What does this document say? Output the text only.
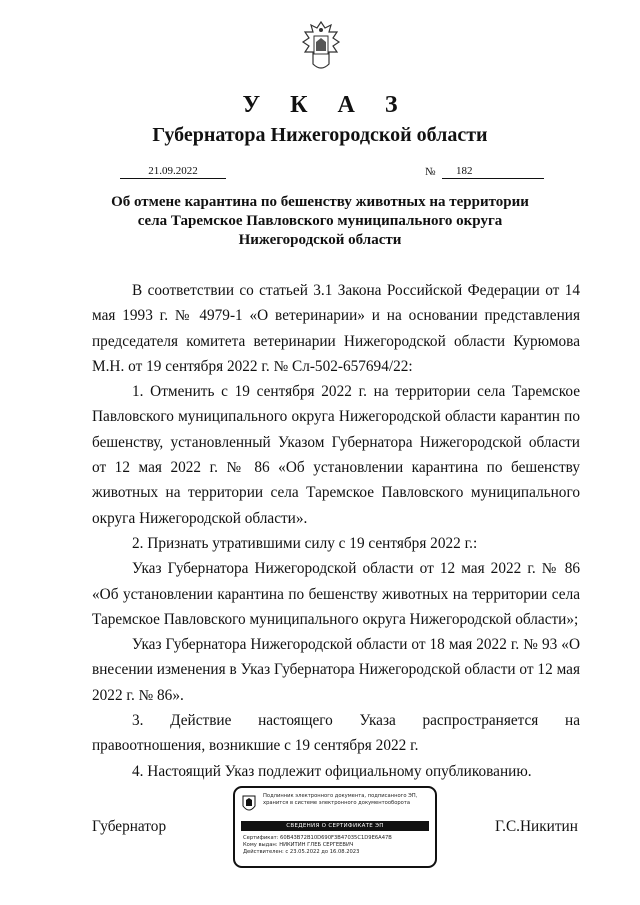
У К А З
Губернатора Нижегородской области
21.09.2022	№	182
Об отмене карантина по бешенству животных на территории
села Таремское Павловского муниципального округа
Нижегородской области

В соответствии со статьей 3.1 Закона Российской Федерации от 14 мая 1993 г. № 4979-1 «О ветеринарии» и на основании представления председателя комитета ветеринарии Нижегородской области Курюмова М.Н. от 19 сентября 2022 г. № Сл-502-657694/22:

1. Отменить с 19 сентября 2022 г. на территории села Таремское Павловского муниципального округа Нижегородской области карантин по бешенству, установленный Указом Губернатора Нижегородской области от 12 мая 2022 г. № 86 «Об установлении карантина по бешенству животных на территории села Таремское Павловского муниципального округа Нижегородской области».

2. Признать утратившими силу с 19 сентября 2022 г.:

Указ Губернатора Нижегородской области от 12 мая 2022 г. № 86 «Об установлении карантина по бешенству животных на территории села Таремское Павловского муниципального округа Нижегородской области»;

Указ Губернатора Нижегородской области от 18 мая 2022 г. № 93 «О внесении изменения в Указ Губернатора Нижегородской области от 12 мая 2022 г. № 86».

3. Действие настоящего Указа распространяется на правоотношения, возникшие с 19 сентября 2022 г.

4. Настоящий Указ подлежит официальному опубликованию.

Губернатор
Подлинник электронного документа, подписанного ЭП,
хранится в системе электронного документооборота
СВЕДЕНИЯ О СЕРТИФИКАТЕ ЭП
Сертификат: 60B43B72B10D690F3B47035C1D9E6A47B
Кому выдан: НИКИТИН ГЛЕБ СЕРГЕЕВИЧ
Действителен: с 23.05.2022 до 16.08.2023
Г.С.Никитин
